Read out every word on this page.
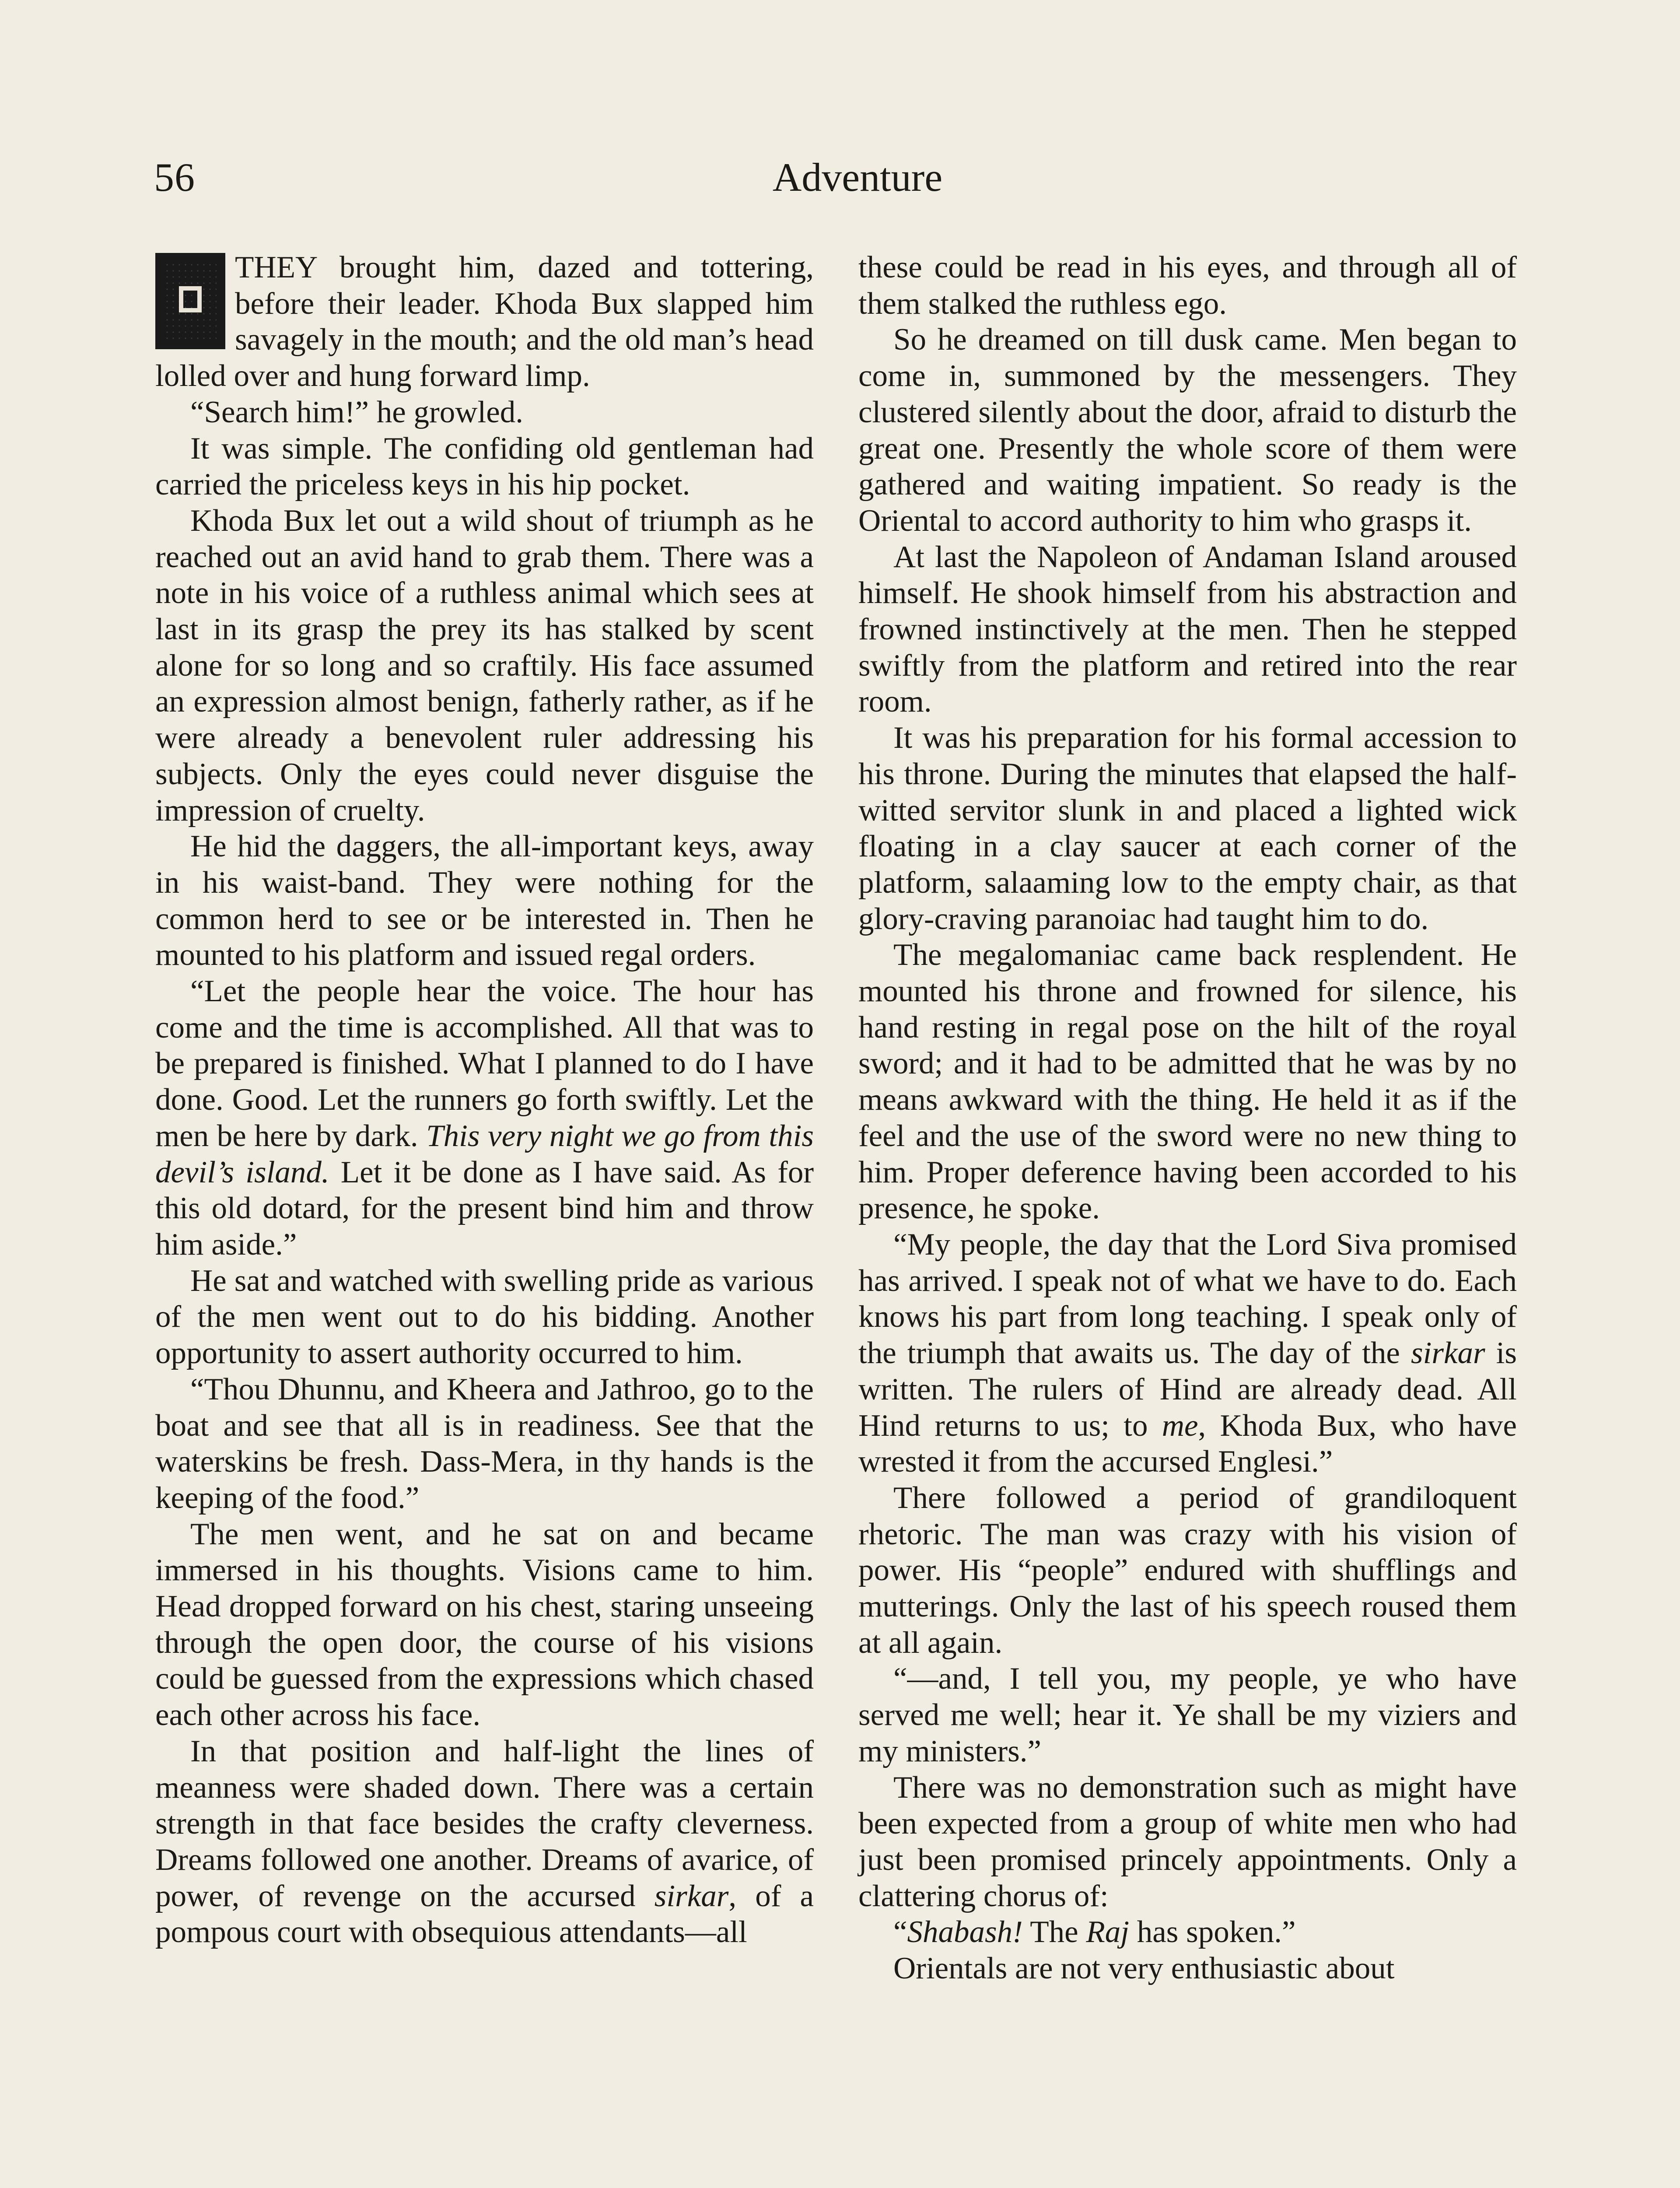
56	Adventure

THEY brought him, dazed and tottering, before their leader. Khoda Bux slapped him savagely in the mouth; and the old man’s head lolled over and hung forward limp.

“Search him!” he growled.

It was simple. The confiding old gentleman had carried the priceless keys in his hip pocket.

Khoda Bux let out a wild shout of triumph as he reached out an avid hand to grab them. There was a note in his voice of a ruthless animal which sees at last in its grasp the prey its has stalked by scent alone for so long and so craftily. His face assumed an expression almost benign, fatherly rather, as if he were already a benevolent ruler addressing his subjects. Only the eyes could never disguise the impression of cruelty.

He hid the daggers, the all-important keys, away in his waist-band. They were nothing for the common herd to see or be interested in. Then he mounted to his platform and issued regal orders.

“Let the people hear the voice. The hour has come and the time is accomplished. All that was to be prepared is finished. What I planned to do I have done. Good. Let the runners go forth swiftly. Let the men be here by dark. This very night we go from this devil’s island. Let it be done as I have said. As for this old dotard, for the present bind him and throw him aside.”

He sat and watched with swelling pride as various of the men went out to do his bidding. Another opportunity to assert authority occurred to him.

“Thou Dhunnu, and Kheera and Jathroo, go to the boat and see that all is in readiness. See that the waterskins be fresh. Dass-Mera, in thy hands is the keeping of the food.”

The men went, and he sat on and became immersed in his thoughts. Visions came to him. Head dropped forward on his chest, staring unseeing through the open door, the course of his visions could be guessed from the expressions which chased each other across his face.

In that position and half-light the lines of meanness were shaded down. There was a certain strength in that face besides the crafty cleverness. Dreams followed one another. Dreams of avarice, of power, of revenge on the accursed sirkar, of a pompous court with obsequious attendants—all

these could be read in his eyes, and through all of them stalked the ruthless ego.

So he dreamed on till dusk came. Men began to come in, summoned by the messengers. They clustered silently about the door, afraid to disturb the great one. Presently the whole score of them were gathered and waiting impatient. So ready is the Oriental to accord authority to him who grasps it.

At last the Napoleon of Andaman Island aroused himself. He shook himself from his abstraction and frowned instinctively at the men. Then he stepped swiftly from the platform and retired into the rear room.

It was his preparation for his formal accession to his throne. During the minutes that elapsed the half-witted servitor slunk in and placed a lighted wick floating in a clay saucer at each corner of the platform, salaaming low to the empty chair, as that glory-craving paranoiac had taught him to do.

The megalomaniac came back resplendent. He mounted his throne and frowned for silence, his hand resting in regal pose on the hilt of the royal sword; and it had to be admitted that he was by no means awkward with the thing. He held it as if the feel and the use of the sword were no new thing to him. Proper deference having been accorded to his presence, he spoke.

“My people, the day that the Lord Siva promised has arrived. I speak not of what we have to do. Each knows his part from long teaching. I speak only of the triumph that awaits us. The day of the sirkar is written. The rulers of Hind are already dead. All Hind returns to us; to me, Khoda Bux, who have wrested it from the accursed Englesi.”

There followed a period of grandiloquent rhetoric. The man was crazy with his vision of power. His “people” endured with shufflings and mutterings. Only the last of his speech roused them at all again.

“—and, I tell you, my people, ye who have served me well; hear it. Ye shall be my viziers and my ministers.”

There was no demonstration such as might have been expected from a group of white men who had just been promised princely appointments. Only a clattering chorus of:

“Shabash! The Raj has spoken.”

Orientals are not very enthusiastic about
